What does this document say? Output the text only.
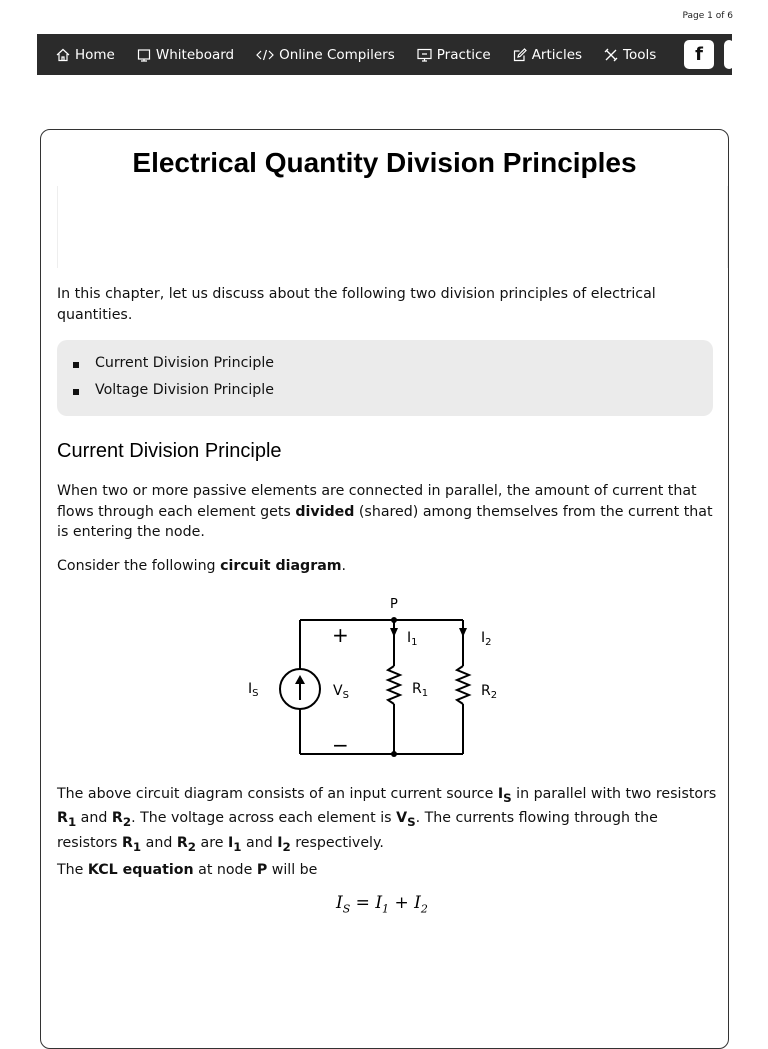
Page 1 of 6
Home	Whiteboard	Online Compilers	Practice	Articles	Tools f
Electrical Quantity Division Principles

In this chapter, let us discuss about the following two division principles of electrical quantities.

Current Division Principle
Voltage Division Principle
Current Division Principle

When two or more passive elements are connected in parallel, the amount of current that flows through each element gets divided (shared) among themselves from the current that is entering the node.

Consider the following circuit diagram.

P
+
−
$I_S$	$V_S$
$I_1$	$I_2$
$R_1$	$R_2$

The above circuit diagram consists of an input current source $I_S$ in parallel with two resistors $R_1$ and $R_2$. The voltage across each element is $V_S$. The currents flowing through the resistors $R_1$ and $R_2$ are $I_1$ and $I_2$ respectively.

The KCL equation at node P will be

$I_S = I_1 + I_2$
